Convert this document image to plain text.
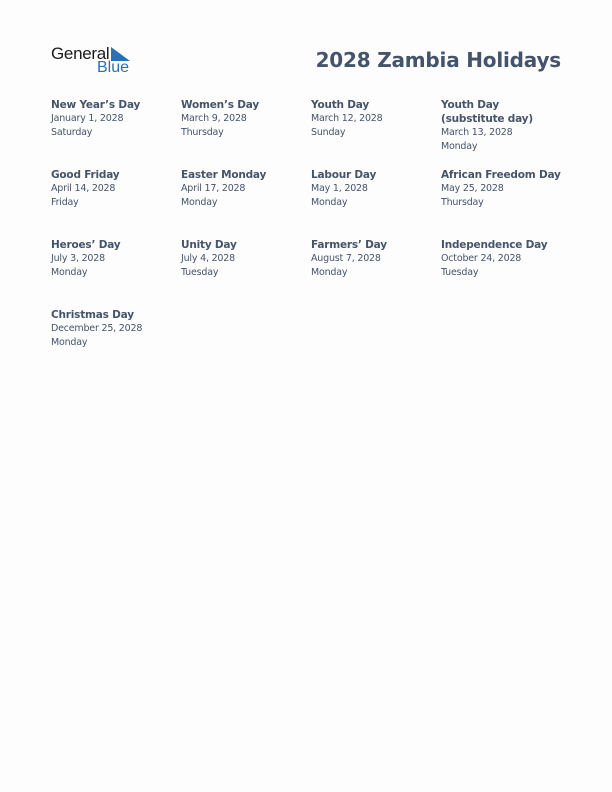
General
Blue	2028 Zambia Holidays
New Year’s Day
January 1, 2028
Saturday
Women’s Day
March 9, 2028
Thursday
Youth Day
March 12, 2028
Sunday
Youth Day (substitute day)
March 13, 2028
Monday
Good Friday
April 14, 2028
Friday
Easter Monday
April 17, 2028
Monday
Labour Day
May 1, 2028
Monday
African Freedom Day
May 25, 2028
Thursday
Heroes’ Day
July 3, 2028
Monday
Unity Day
July 4, 2028
Tuesday
Farmers’ Day
August 7, 2028
Monday
Independence Day
October 24, 2028
Tuesday
Christmas Day
December 25, 2028
Monday
